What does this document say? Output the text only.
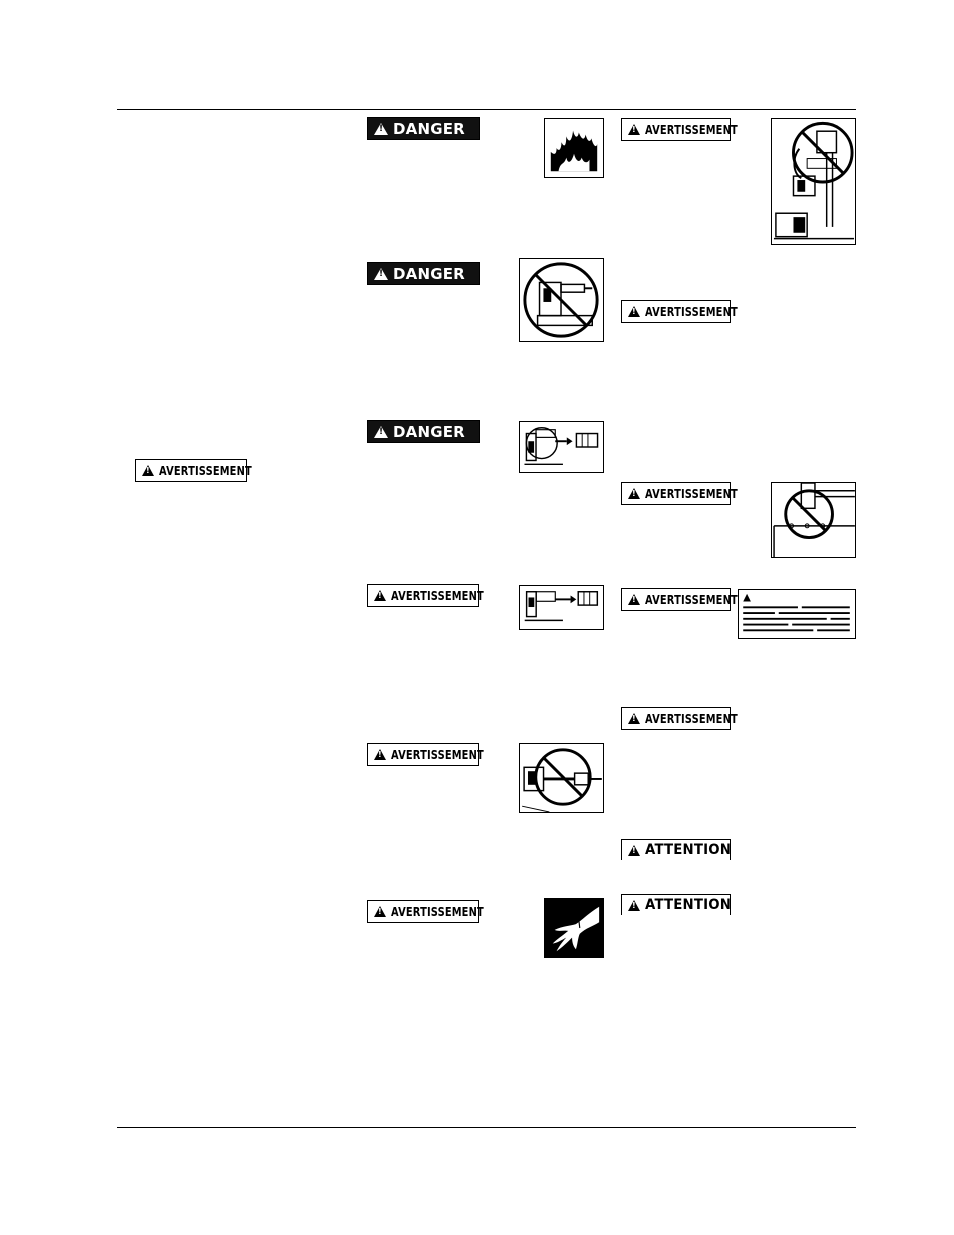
!
AVERTISSEMENT
!
DANGER
!
DANGER
!
DANGER
!
AVERTISSEMENT
!
AVERTISSEMENT
!
AVERTISSEMENT
!
AVERTISSEMENT
!
AVERTISSEMENT
!
AVERTISSEMENT
!
AVERTISSEMENT
!
AVERTISSEMENT
!
ATTENTION
!
ATTENTION
